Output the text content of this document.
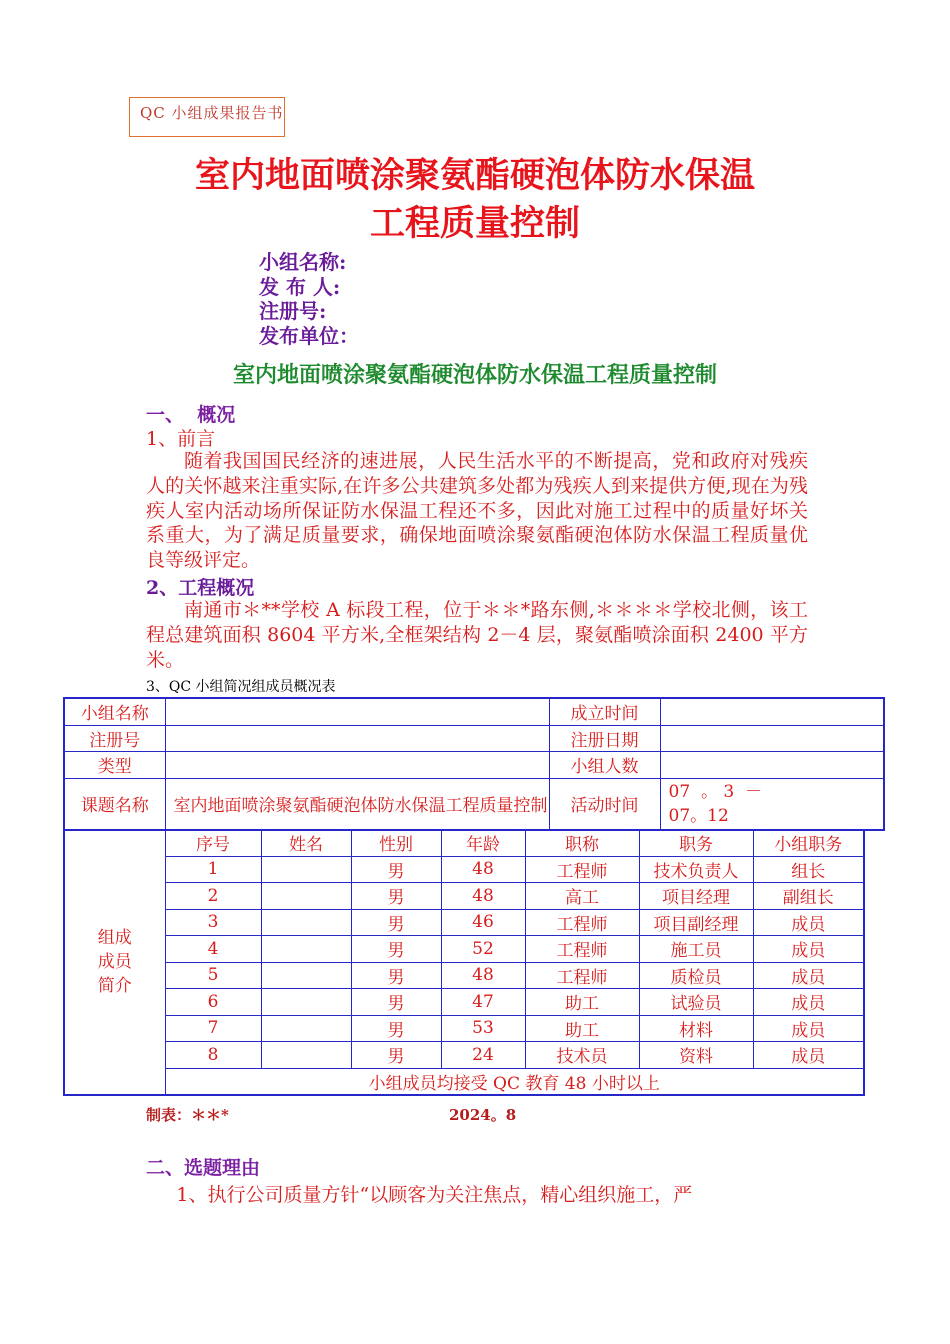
QC 小组成果报告书
室内地面喷涂聚氨酯硬泡体防水保温
工程质量控制
小组名称:
发 布 人:
注册号:
发布单位：
室内地面喷涂聚氨酯硬泡体防水保温工程质量控制
一、  概况
1、前言

随着我国国民经济的速进展，人民生活水平的不断提高，党和政府对残疾人的关怀越来注重实际,在许多公共建筑多处都为残疾人到来提供方便,现在为残疾人室内活动场所保证防水保温工程还不多，因此对施工过程中的质量好坏关系重大，为了满足质量要求，确保地面喷涂聚氨酯硬泡体防水保温工程质量优良等级评定。

2、工程概况

南通市＊**学校 A 标段工程，位于＊＊*路东侧,＊＊＊＊学校北侧，该工程总建筑面积 8604 平方米,全框架结构 2－4 层，聚氨酯喷涂面积 2400 平方米。

3、QC 小组简况组成员概况表
小组名称		成立时间	
注册号		注册日期	
类型		小组人数	
课题名称	室内地面喷涂聚氨酯硬泡体防水保温工程质量控制	活动时间	07  。 3  －
07。12
组成
成员
简介	序号	姓名	性别	年龄	职称	职务	小组职务
	1		男	48	工程师	技术负责人	组长
	2		男	48	高工	项目经理	副组长
	3		男	46	工程师	项目副经理	成员
	4		男	52	工程师	施工员	成员
	5		男	48	工程师	质检员	成员
	6		男	47	助工	试验员	成员
	7		男	53	助工	材料	成员
	8		男	24	技术员	资料	成员
	小组成员均接受 QC 教育 48 小时以上						
制表：＊＊*	2024。8
二、选题理由
1、执行公司质量方针“以顾客为关注焦点，精心组织施工，严
